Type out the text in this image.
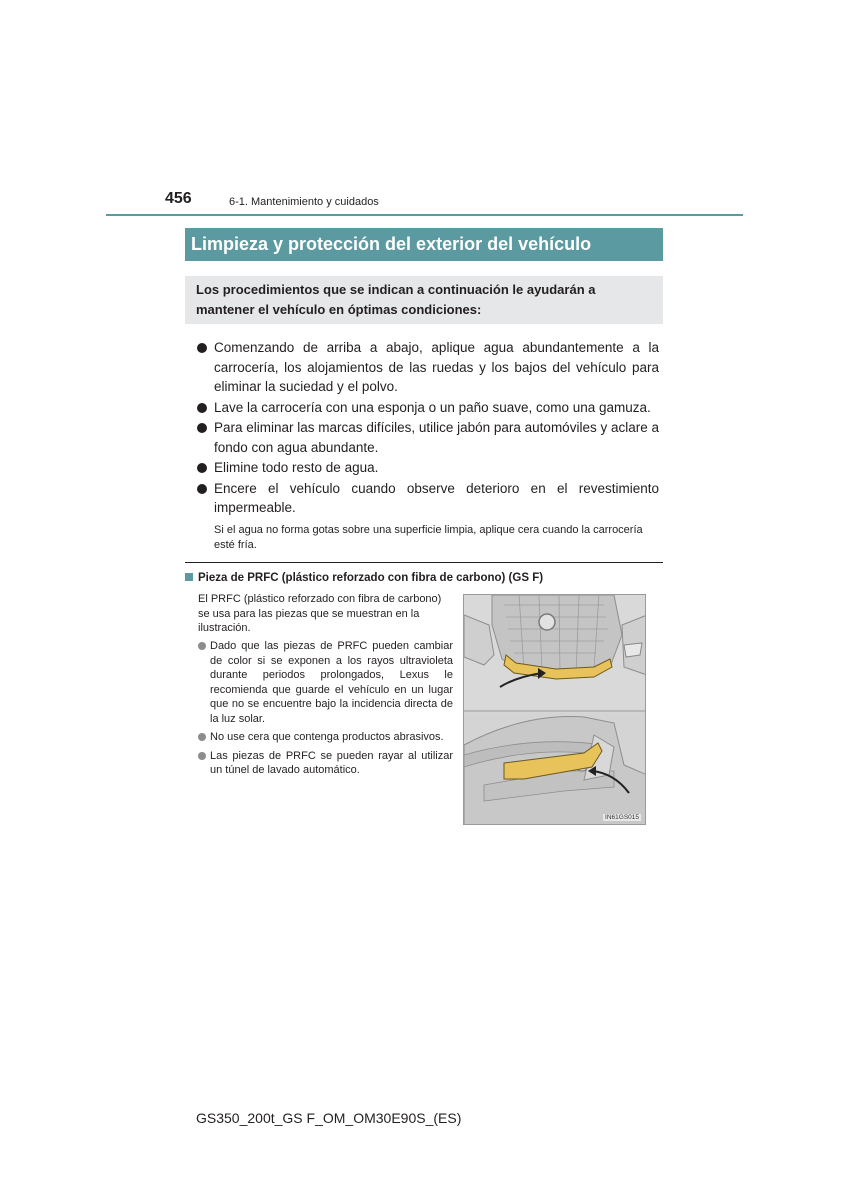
456	6-1. Mantenimiento y cuidados
Limpieza y protección del exterior del vehículo
Los procedimientos que se indican a continuación le ayudarán a mantener el vehículo en óptimas condiciones:
Comenzando de arriba a abajo, aplique agua abundantemente a la carrocería, los alojamientos de las ruedas y los bajos del vehículo para eliminar la suciedad y el polvo.
Lave la carrocería con una esponja o un paño suave, como una gamuza.
Para eliminar las marcas difíciles, utilice jabón para automóviles y aclare a fondo con agua abundante.
Elimine todo resto de agua.
Encere el vehículo cuando observe deterioro en el revestimiento impermeable.
Si el agua no forma gotas sobre una superficie limpia, aplique cera cuando la carrocería esté fría.
Pieza de PRFC (plástico reforzado con fibra de carbono) (GS F)
El PRFC (plástico reforzado con fibra de carbono) se usa para las piezas que se muestran en la ilustración.
Dado que las piezas de PRFC pueden cambiar de color si se exponen a los rayos ultravioleta durante periodos prolongados, Lexus le recomienda que guarde el vehículo en un lugar que no se encuentre bajo la incidencia directa de la luz solar.
No use cera que contenga productos abrasivos.
Las piezas de PRFC se pueden rayar al utilizar un túnel de lavado automático.
IN61GS015
GS350_200t_GS F_OM_OM30E90S_(ES)
